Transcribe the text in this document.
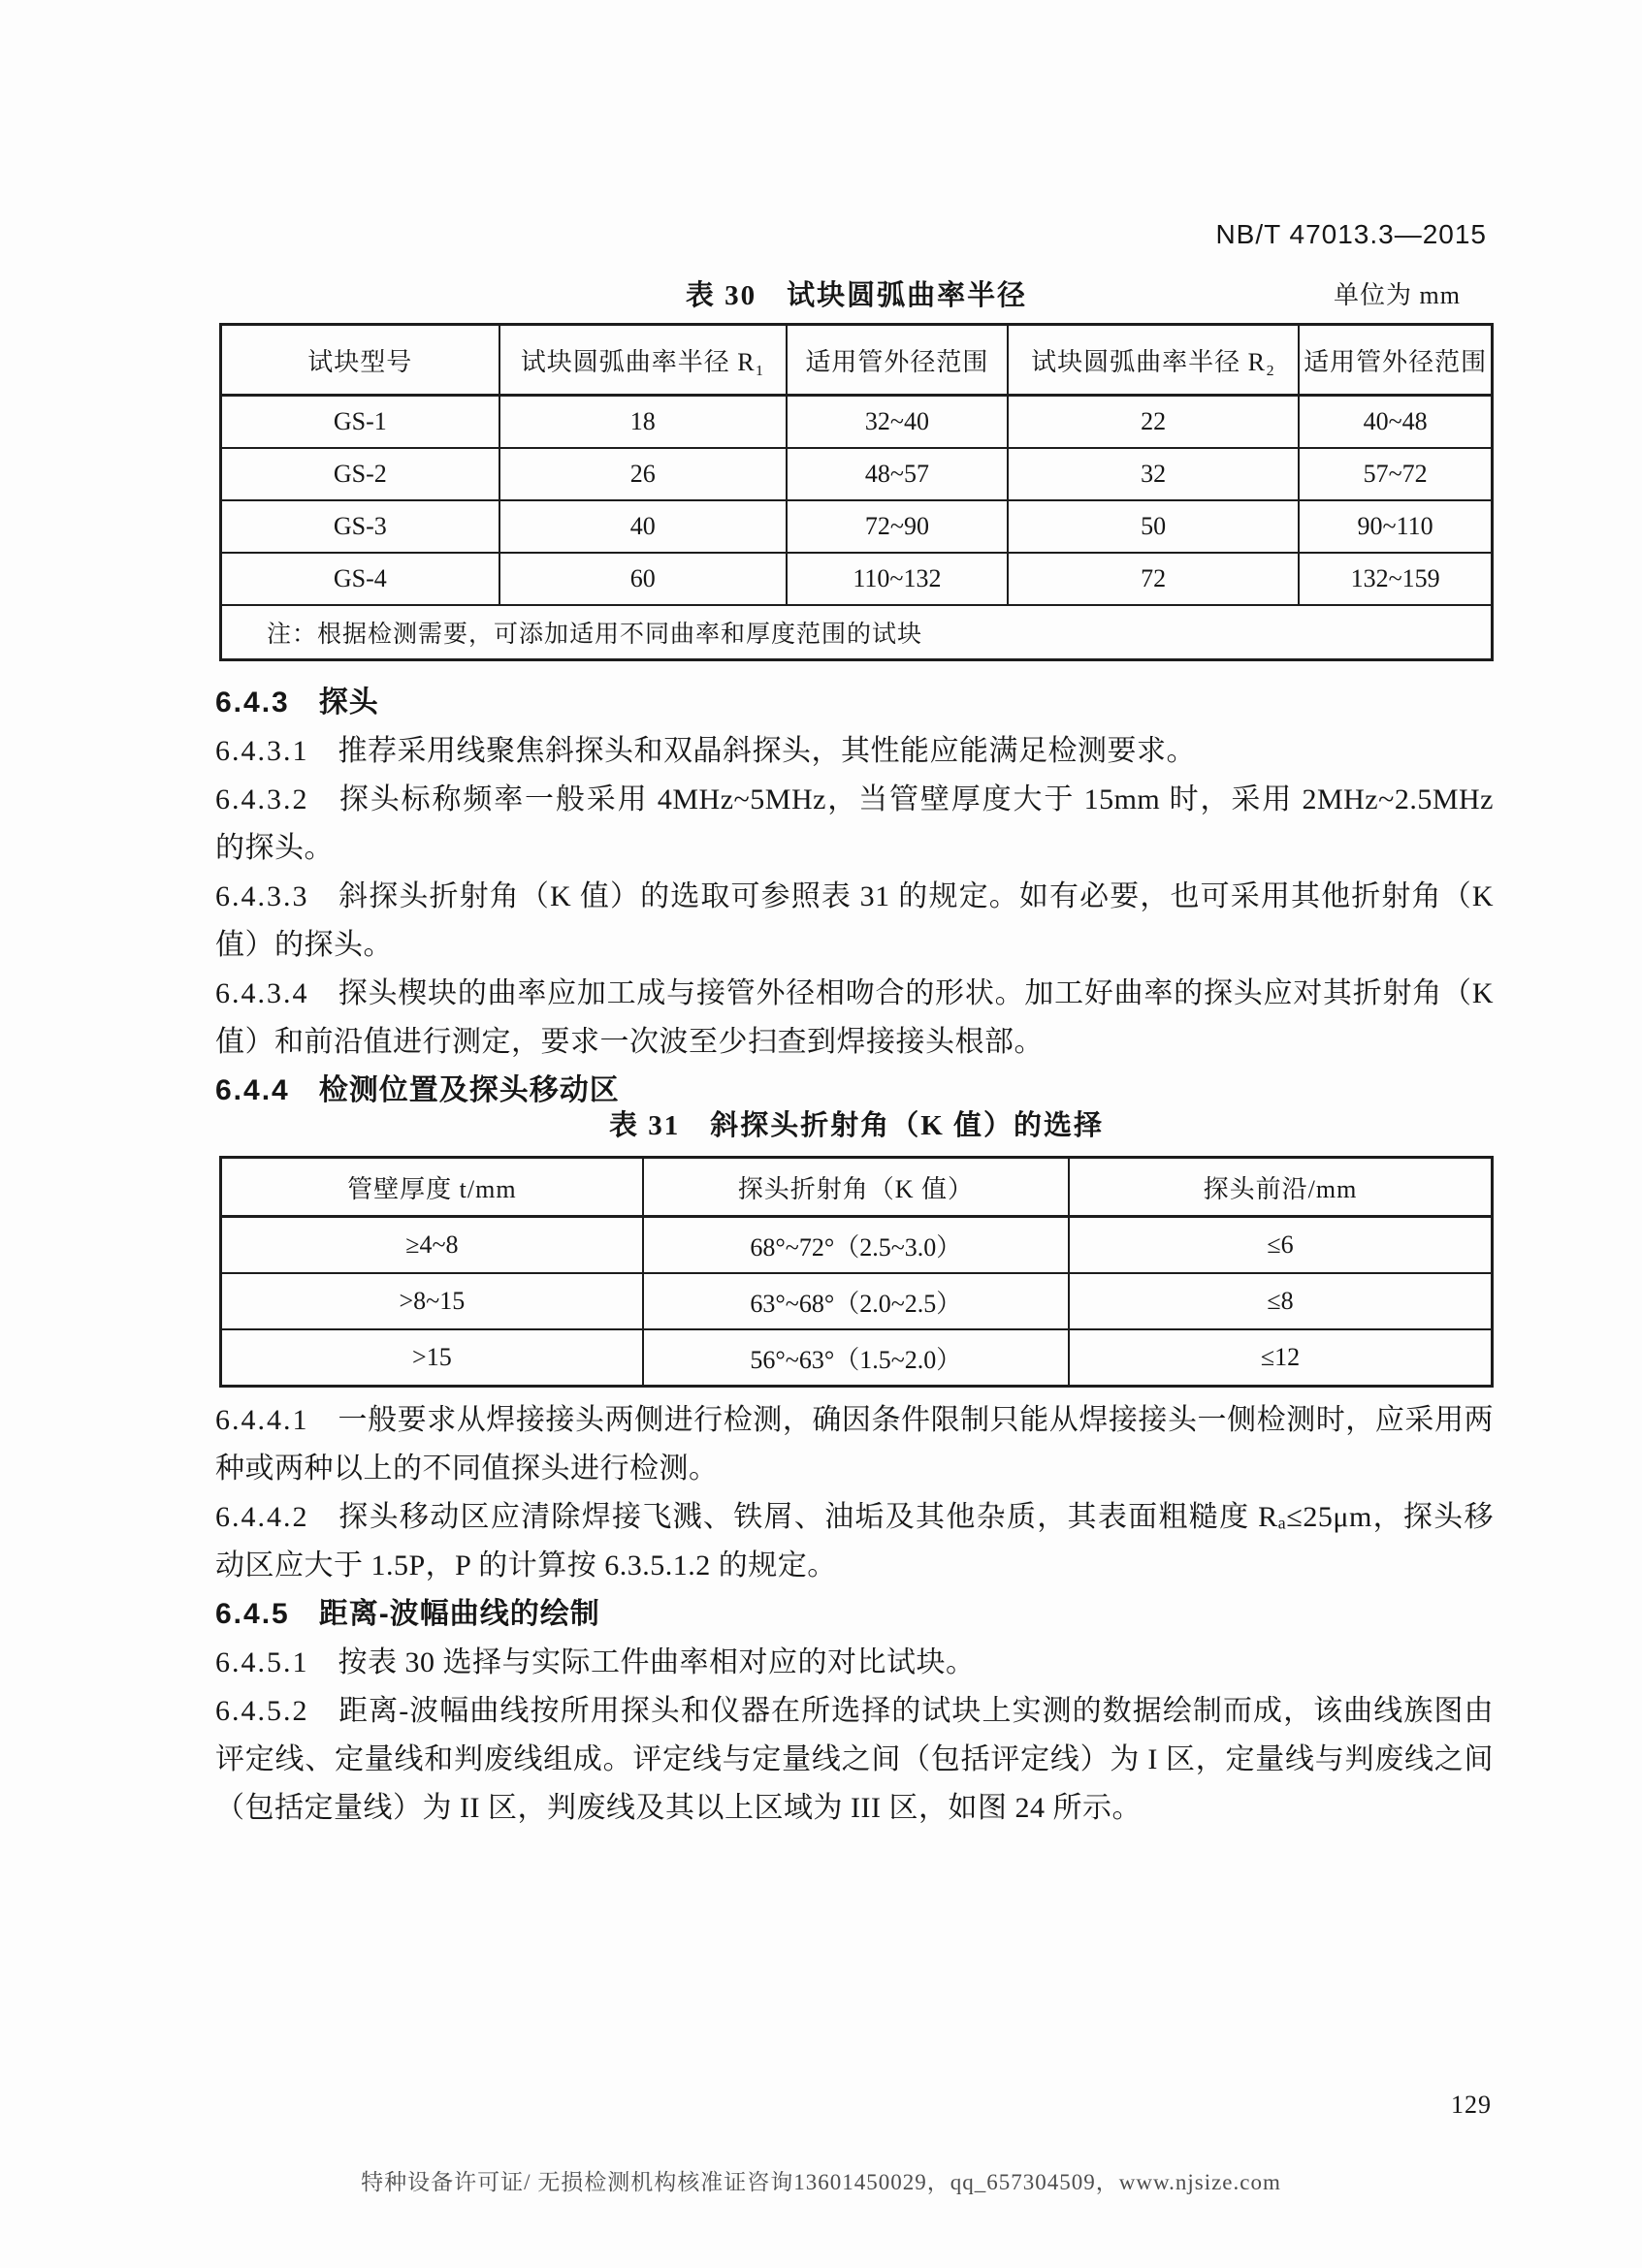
NB/T 47013.3—2015
表 30　试块圆弧曲率半径	单位为 mm
试块型号	试块圆弧曲率半径 R₁	适用管外径范围	试块圆弧曲率半径 R₂	适用管外径范围
GS-1	18	32~40	22	40~48
GS-2	26	48~57	32	57~72
GS-3	40	72~90	50	90~110
GS-4	60	110~132	72	132~159
注：根据检测需要，可添加适用不同曲率和厚度范围的试块				

6.4.3 探头

6.4.3.1 推荐采用线聚焦斜探头和双晶斜探头，其性能应能满足检测要求。

6.4.3.2 探头标称频率一般采用 4MHz~5MHz，当管壁厚度大于 15mm 时，采用 2MHz~2.5MHz 的探头。

6.4.3.3 斜探头折射角（K 值）的选取可参照表 31 的规定。如有必要，也可采用其他折射角（K 值）的探头。

6.4.3.4 探头楔块的曲率应加工成与接管外径相吻合的形状。加工好曲率的探头应对其折射角（K 值）和前沿值进行测定，要求一次波至少扫查到焊接接头根部。

6.4.4 检测位置及探头移动区

表 31　斜探头折射角（K 值）的选择
管壁厚度 t/mm	探头折射角（K 值）	探头前沿/mm
≥4~8	68°~72°（2.5~3.0）	≤6
>8~15	63°~68°（2.0~2.5）	≤8
>15	56°~63°（1.5~2.0）	≤12

6.4.4.1 一般要求从焊接接头两侧进行检测，确因条件限制只能从焊接接头一侧检测时，应采用两种或两种以上的不同值探头进行检测。

6.4.4.2 探头移动区应清除焊接飞溅、铁屑、油垢及其他杂质，其表面粗糙度 Rₐ≤25μm，探头移动区应大于 1.5P，P 的计算按 6.3.5.1.2 的规定。

6.4.5 距离-波幅曲线的绘制

6.4.5.1 按表 30 选择与实际工件曲率相对应的对比试块。

6.4.5.2 距离-波幅曲线按所用探头和仪器在所选择的试块上实测的数据绘制而成，该曲线族图由评定线、定量线和判废线组成。评定线与定量线之间（包括评定线）为 I 区，定量线与判废线之间（包括定量线）为 II 区，判废线及其以上区域为 III 区，如图 24 所示。

129
特种设备许可证/ 无损检测机构核准证咨询13601450029，qq_657304509，www.njsize.com
